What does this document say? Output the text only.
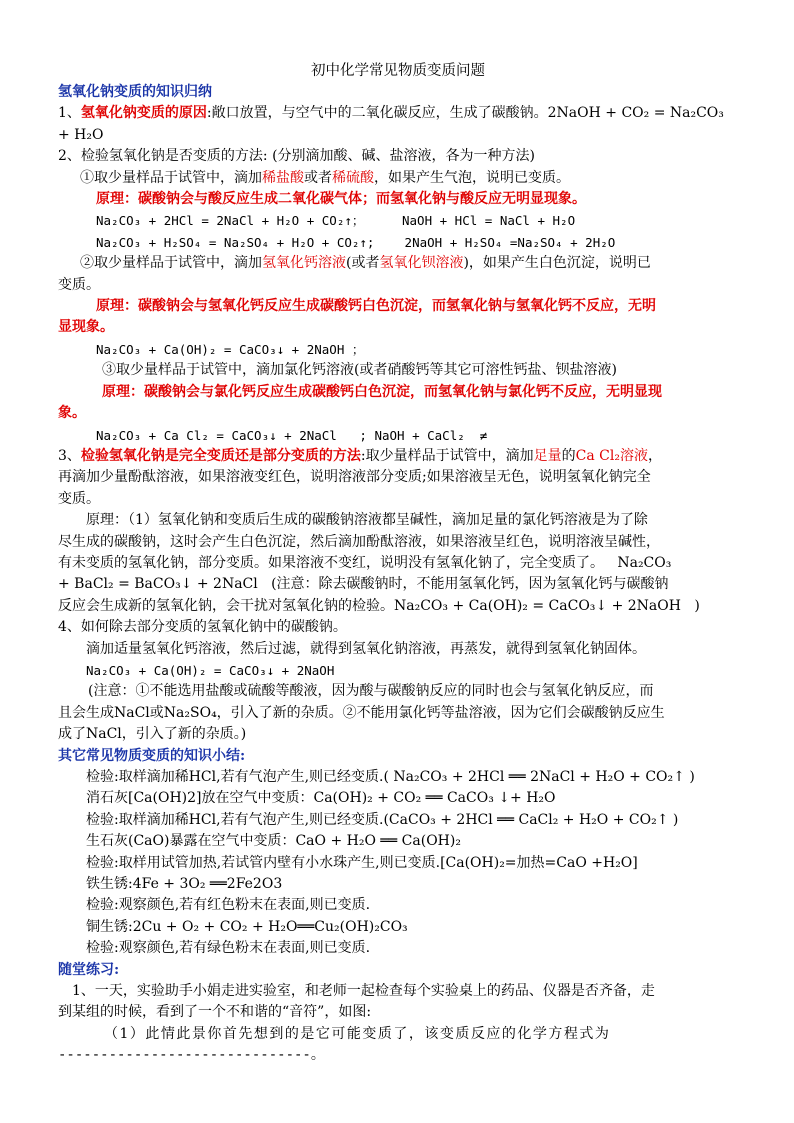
初中化学常见物质变质问题
氢氧化钠变质的知识归纳
1、氢氧化钠变质的原因:敞口放置，与空气中的二氧化碳反应，生成了碳酸钠。2NaOH + CO₂ = Na₂CO₃
+ H₂O
2、检验氢氧化钠是否变质的方法: (分别滴加酸、碱、盐溶液，各为一种方法)
①取少量样品于试管中，滴加稀盐酸或者稀硫酸，如果产生气泡，说明已变质。
原理：碳酸钠会与酸反应生成二氧化碳气体；而氢氧化钠与酸反应无明显现象。
Na₂CO₃ + 2HCl = 2NaCl + H₂O + CO₂↑；     NaOH + HCl = NaCl + H₂O
Na₂CO₃ + H₂SO₄ = Na₂SO₄ + H₂O + CO₂↑;    2NaOH + H₂SO₄ =Na₂SO₄ + 2H₂O
②取少量样品于试管中，滴加氢氧化钙溶液(或者氢氧化钡溶液)，如果产生白色沉淀，说明已
变质。
原理：碳酸钠会与氢氧化钙反应生成碳酸钙白色沉淀，而氢氧化钠与氢氧化钙不反应，无明
显现象。
Na₂CO₃ + Ca(OH)₂ = CaCO₃↓ + 2NaOH ；
③取少量样品于试管中，滴加氯化钙溶液(或者硝酸钙等其它可溶性钙盐、钡盐溶液)
原理：碳酸钠会与氯化钙反应生成碳酸钙白色沉淀，而氢氧化钠与氯化钙不反应，无明显现
象。
Na₂CO₃ + Ca Cl₂ = CaCO₃↓ + 2NaCl   ; NaOH + CaCl₂  ≠
3、检验氢氧化钠是完全变质还是部分变质的方法:取少量样品于试管中，滴加足量的Ca Cl₂溶液，
再滴加少量酚酞溶液，如果溶液变红色，说明溶液部分变质;如果溶液呈无色，说明氢氧化钠完全
变质。
原理：（1）氢氧化钠和变质后生成的碳酸钠溶液都呈碱性，滴加足量的氯化钙溶液是为了除
尽生成的碳酸钠，这时会产生白色沉淀，然后滴加酚酞溶液，如果溶液呈红色，说明溶液呈碱性，
有未变质的氢氧化钠，部分变质。如果溶液不变红，说明没有氢氧化钠了，完全变质了。   Na₂CO₃
+ BaCl₂ = BaCO₃↓ + 2NaCl   (注意：除去碳酸钠时，不能用氢氧化钙，因为氢氧化钙与碳酸钠
反应会生成新的氢氧化钠，会干扰对氢氧化钠的检验。Na₂CO₃ + Ca(OH)₂ = CaCO₃↓ + 2NaOH   )
4、如何除去部分变质的氢氧化钠中的碳酸钠。
滴加适量氢氧化钙溶液，然后过滤，就得到氢氧化钠溶液，再蒸发，就得到氢氧化钠固体。
Na₂CO₃ + Ca(OH)₂ = CaCO₃↓ + 2NaOH
(注意：①不能选用盐酸或硫酸等酸液，因为酸与碳酸钠反应的同时也会与氢氧化钠反应，而
且会生成NaCl或Na₂SO₄，引入了新的杂质。②不能用氯化钙等盐溶液，因为它们会碳酸钠反应生
成了NaCl，引入了新的杂质。)
其它常见物质变质的知识小结:
检验:取样滴加稀HCl,若有气泡产生,则已经变质.( Na₂CO₃ + 2HCl ══ 2NaCl + H₂O + CO₂↑ )
消石灰[Ca(OH)2]放在空气中变质：Ca(OH)₂ + CO₂ ══ CaCO₃ ↓+ H₂O
检验:取样滴加稀HCl,若有气泡产生,则已经变质.(CaCO₃ + 2HCl ══ CaCl₂ + H₂O + CO₂↑ )
生石灰(CaO)暴露在空气中变质：CaO + H₂O ══ Ca(OH)₂
检验:取样用试管加热,若试管内壁有小水珠产生,则已变质.[Ca(OH)₂=加热=CaO +H₂O]
铁生锈:4Fe + 3O₂ ══2Fe2O3
检验:观察颜色,若有红色粉末在表面,则已变质.
铜生锈:2Cu + O₂ + CO₂ + H₂O══Cu₂(OH)₂CO₃
检验:观察颜色,若有绿色粉末在表面,则已变质.
随堂练习:
1、一天，实验助手小娟走进实验室，和老师一起检查每个实验桌上的药品、仪器是否齐备，走
到某组的时候，看到了一个不和谐的“音符”，如图:
（1）此情此景你首先想到的是它可能变质了，该变质反应的化学方程式为
------------------------------。
